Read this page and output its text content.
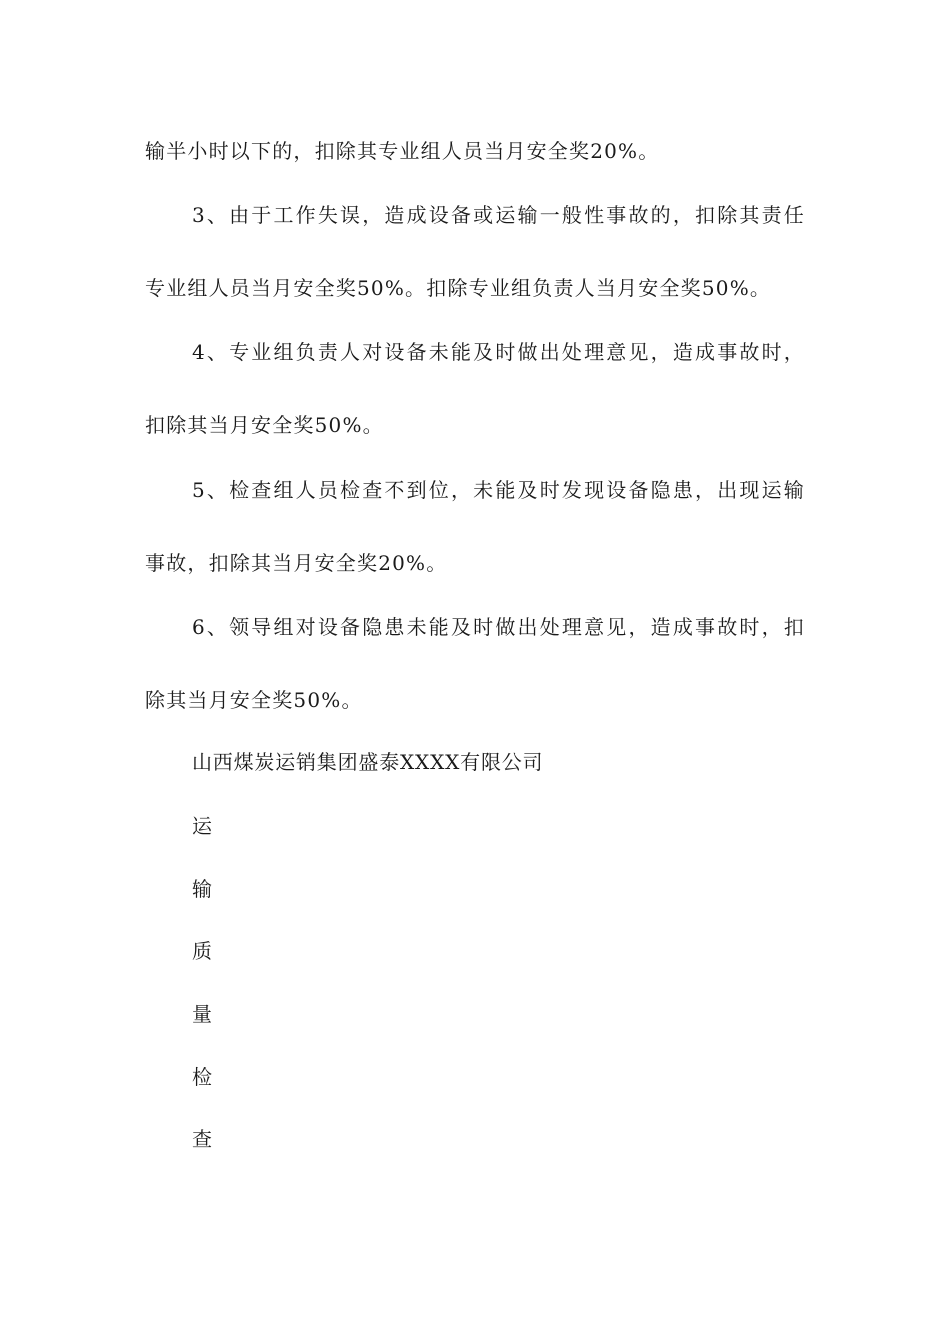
输半小时以下的，扣除其专业组人员当月安全奖20%。
3、由于工作失误，造成设备或运输一般性事故的，扣除其责任
专业组人员当月安全奖50%。扣除专业组负责人当月安全奖50%。
4、专业组负责人对设备未能及时做出处理意见，造成事故时，
扣除其当月安全奖50%。
5、检查组人员检查不到位，未能及时发现设备隐患，出现运输
事故，扣除其当月安全奖20%。
6、领导组对设备隐患未能及时做出处理意见，造成事故时，扣
除其当月安全奖50%。
山西煤炭运销集团盛泰XXXX有限公司
运
输
质
量
检
查
